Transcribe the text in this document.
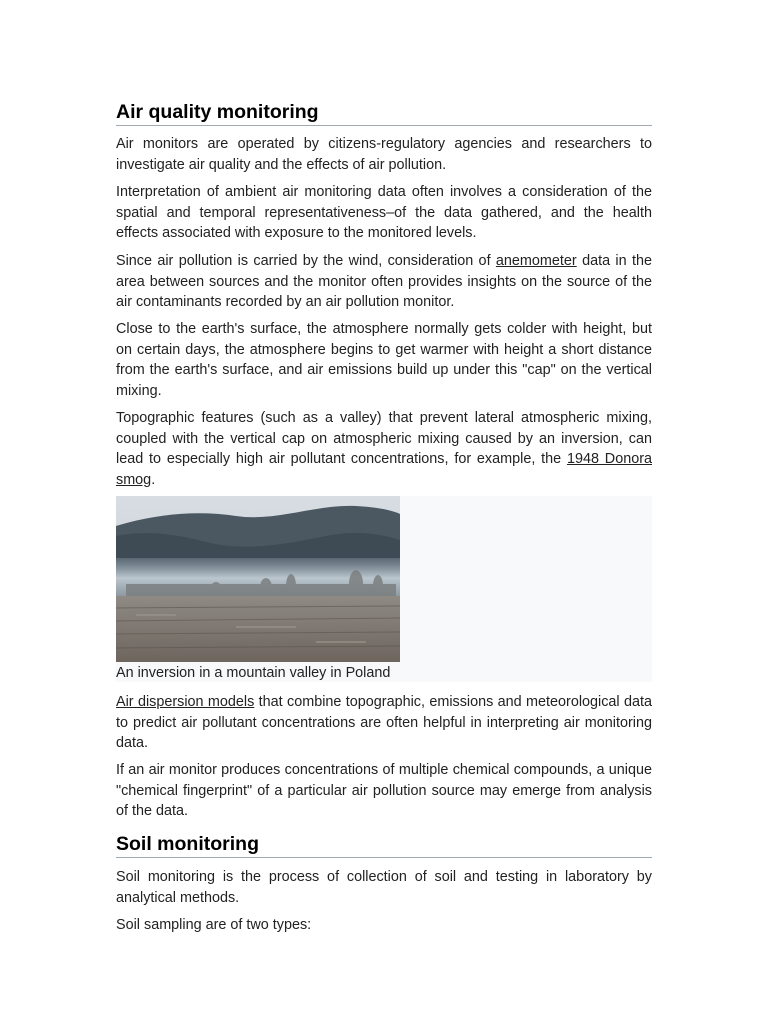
Air quality monitoring

Air monitors are operated by citizens-regulatory agencies and researchers to investigate air quality and the effects of air pollution.

Interpretation of ambient air monitoring data often involves a consideration of the spatial and temporal representativeness–of the data gathered, and the health effects associated with exposure to the monitored levels.

Since air pollution is carried by the wind, consideration of anemometer data in the area between sources and the monitor often provides insights on the source of the air contaminants recorded by an air pollution monitor.

Close to the earth's surface, the atmosphere normally gets colder with height, but on certain days, the atmosphere begins to get warmer with height a short distance from the earth's surface, and air emissions build up under this "cap" on the vertical mixing.

Topographic features (such as a valley) that prevent lateral atmospheric mixing, coupled with the vertical cap on atmospheric mixing caused by an inversion, can lead to especially high air pollutant concentrations, for example, the 1948 Donora smog.

Air dispersion models that combine topographic, emissions and meteorological data to predict air pollutant concentrations are often helpful in interpreting air monitoring data.

If an air monitor produces concentrations of multiple chemical compounds, a unique "chemical fingerprint" of a particular air pollution source may emerge from analysis of the data.

Soil monitoring

Soil monitoring is the process of collection of soil and testing in laboratory by analytical methods.

Soil sampling are of two types:

An inversion in a mountain valley in Poland
